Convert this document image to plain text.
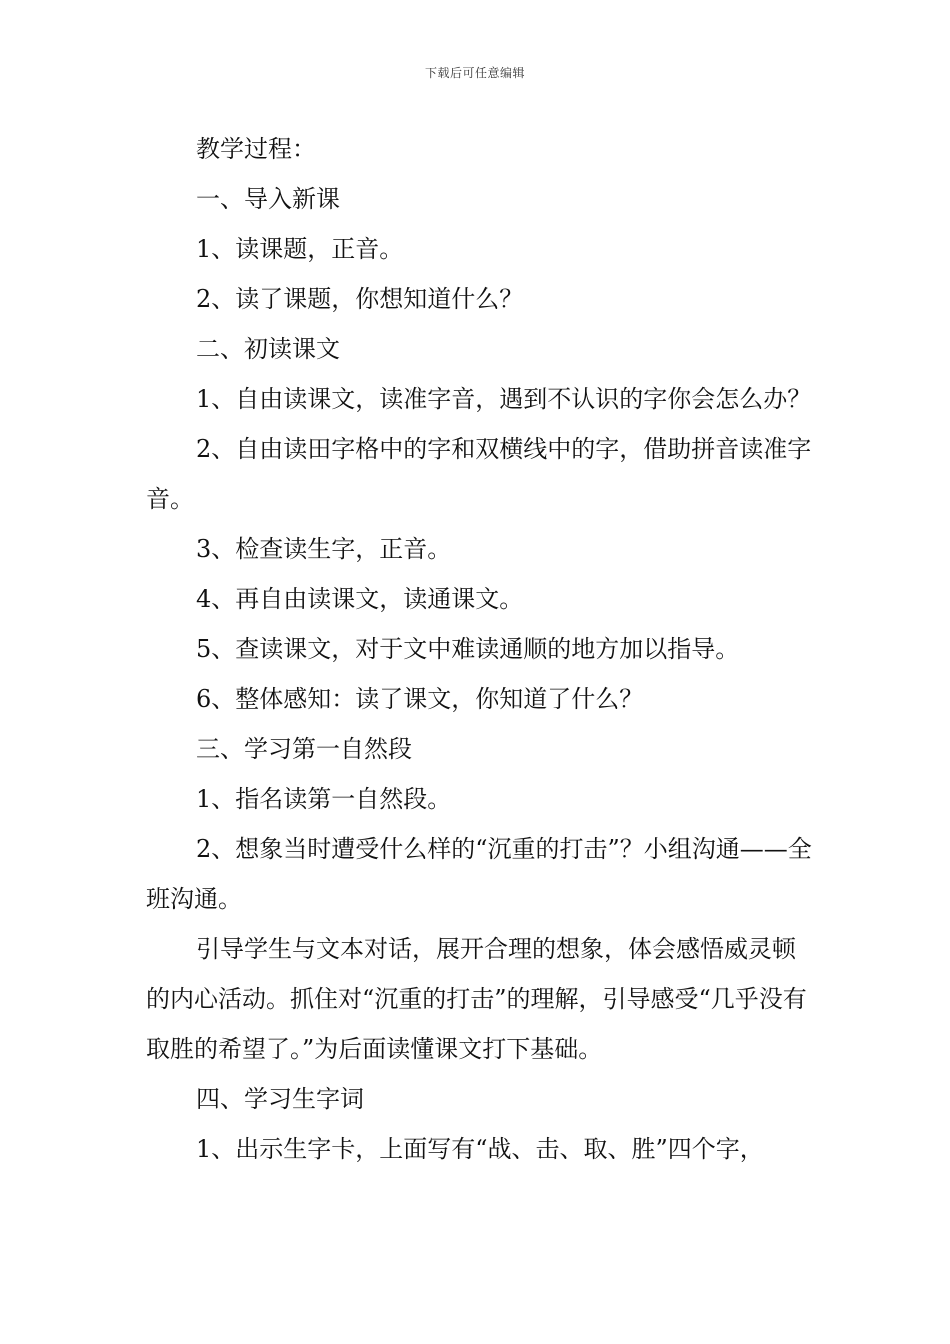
下载后可任意编辑

教学过程：

一、导入新课

1、读课题，正音。

2、读了课题，你想知道什么？

二、初读课文

1、自由读课文，读准字音，遇到不认识的字你会怎么办？

2、自由读田字格中的字和双横线中的字，借助拼音读准字音。

3、检查读生字，正音。

4、再自由读课文，读通课文。

5、查读课文，对于文中难读通顺的地方加以指导。

6、整体感知：读了课文，你知道了什么？

三、学习第一自然段

1、指名读第一自然段。

2、想象当时遭受什么样的“沉重的打击”？小组沟通——全班沟通。

引导学生与文本对话，展开合理的想象，体会感悟威灵顿的内心活动。抓住对“沉重的打击”的理解，引导感受“几乎没有取胜的希望了。”为后面读懂课文打下基础。

四、学习生字词

1、出示生字卡，上面写有“战、击、取、胜”四个字，
